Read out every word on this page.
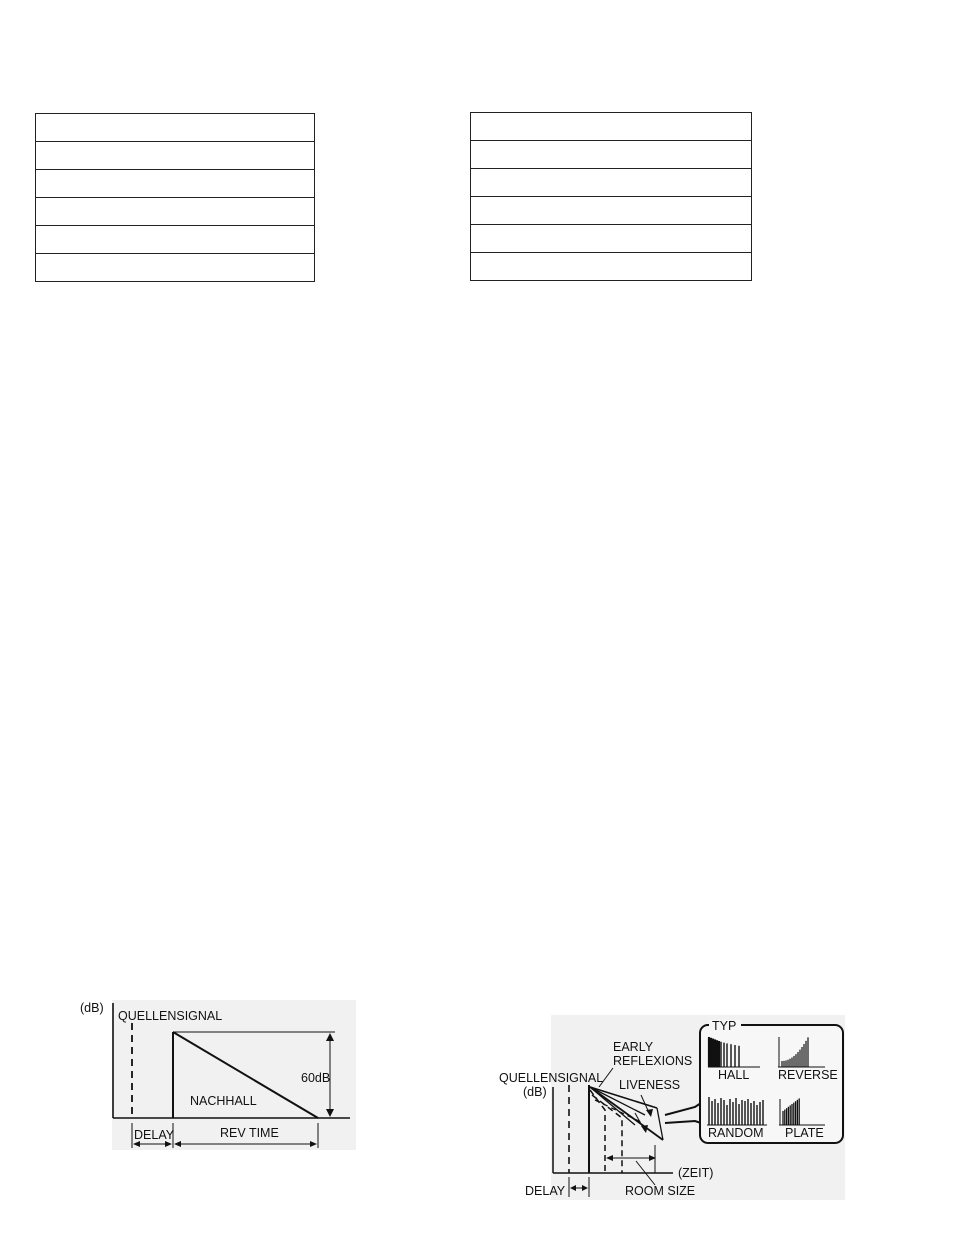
(dB)
QUELLENSIGNAL
60dB
NACHHALL
DELAY	REV TIME
QUELLENSIGNAL
(dB)
(ZEIT)
EARLY
REFLEXIONS
LIVENESS
ROOM SIZE
DELAY
TYP
HALL REVERSE
RANDOM PLATE
